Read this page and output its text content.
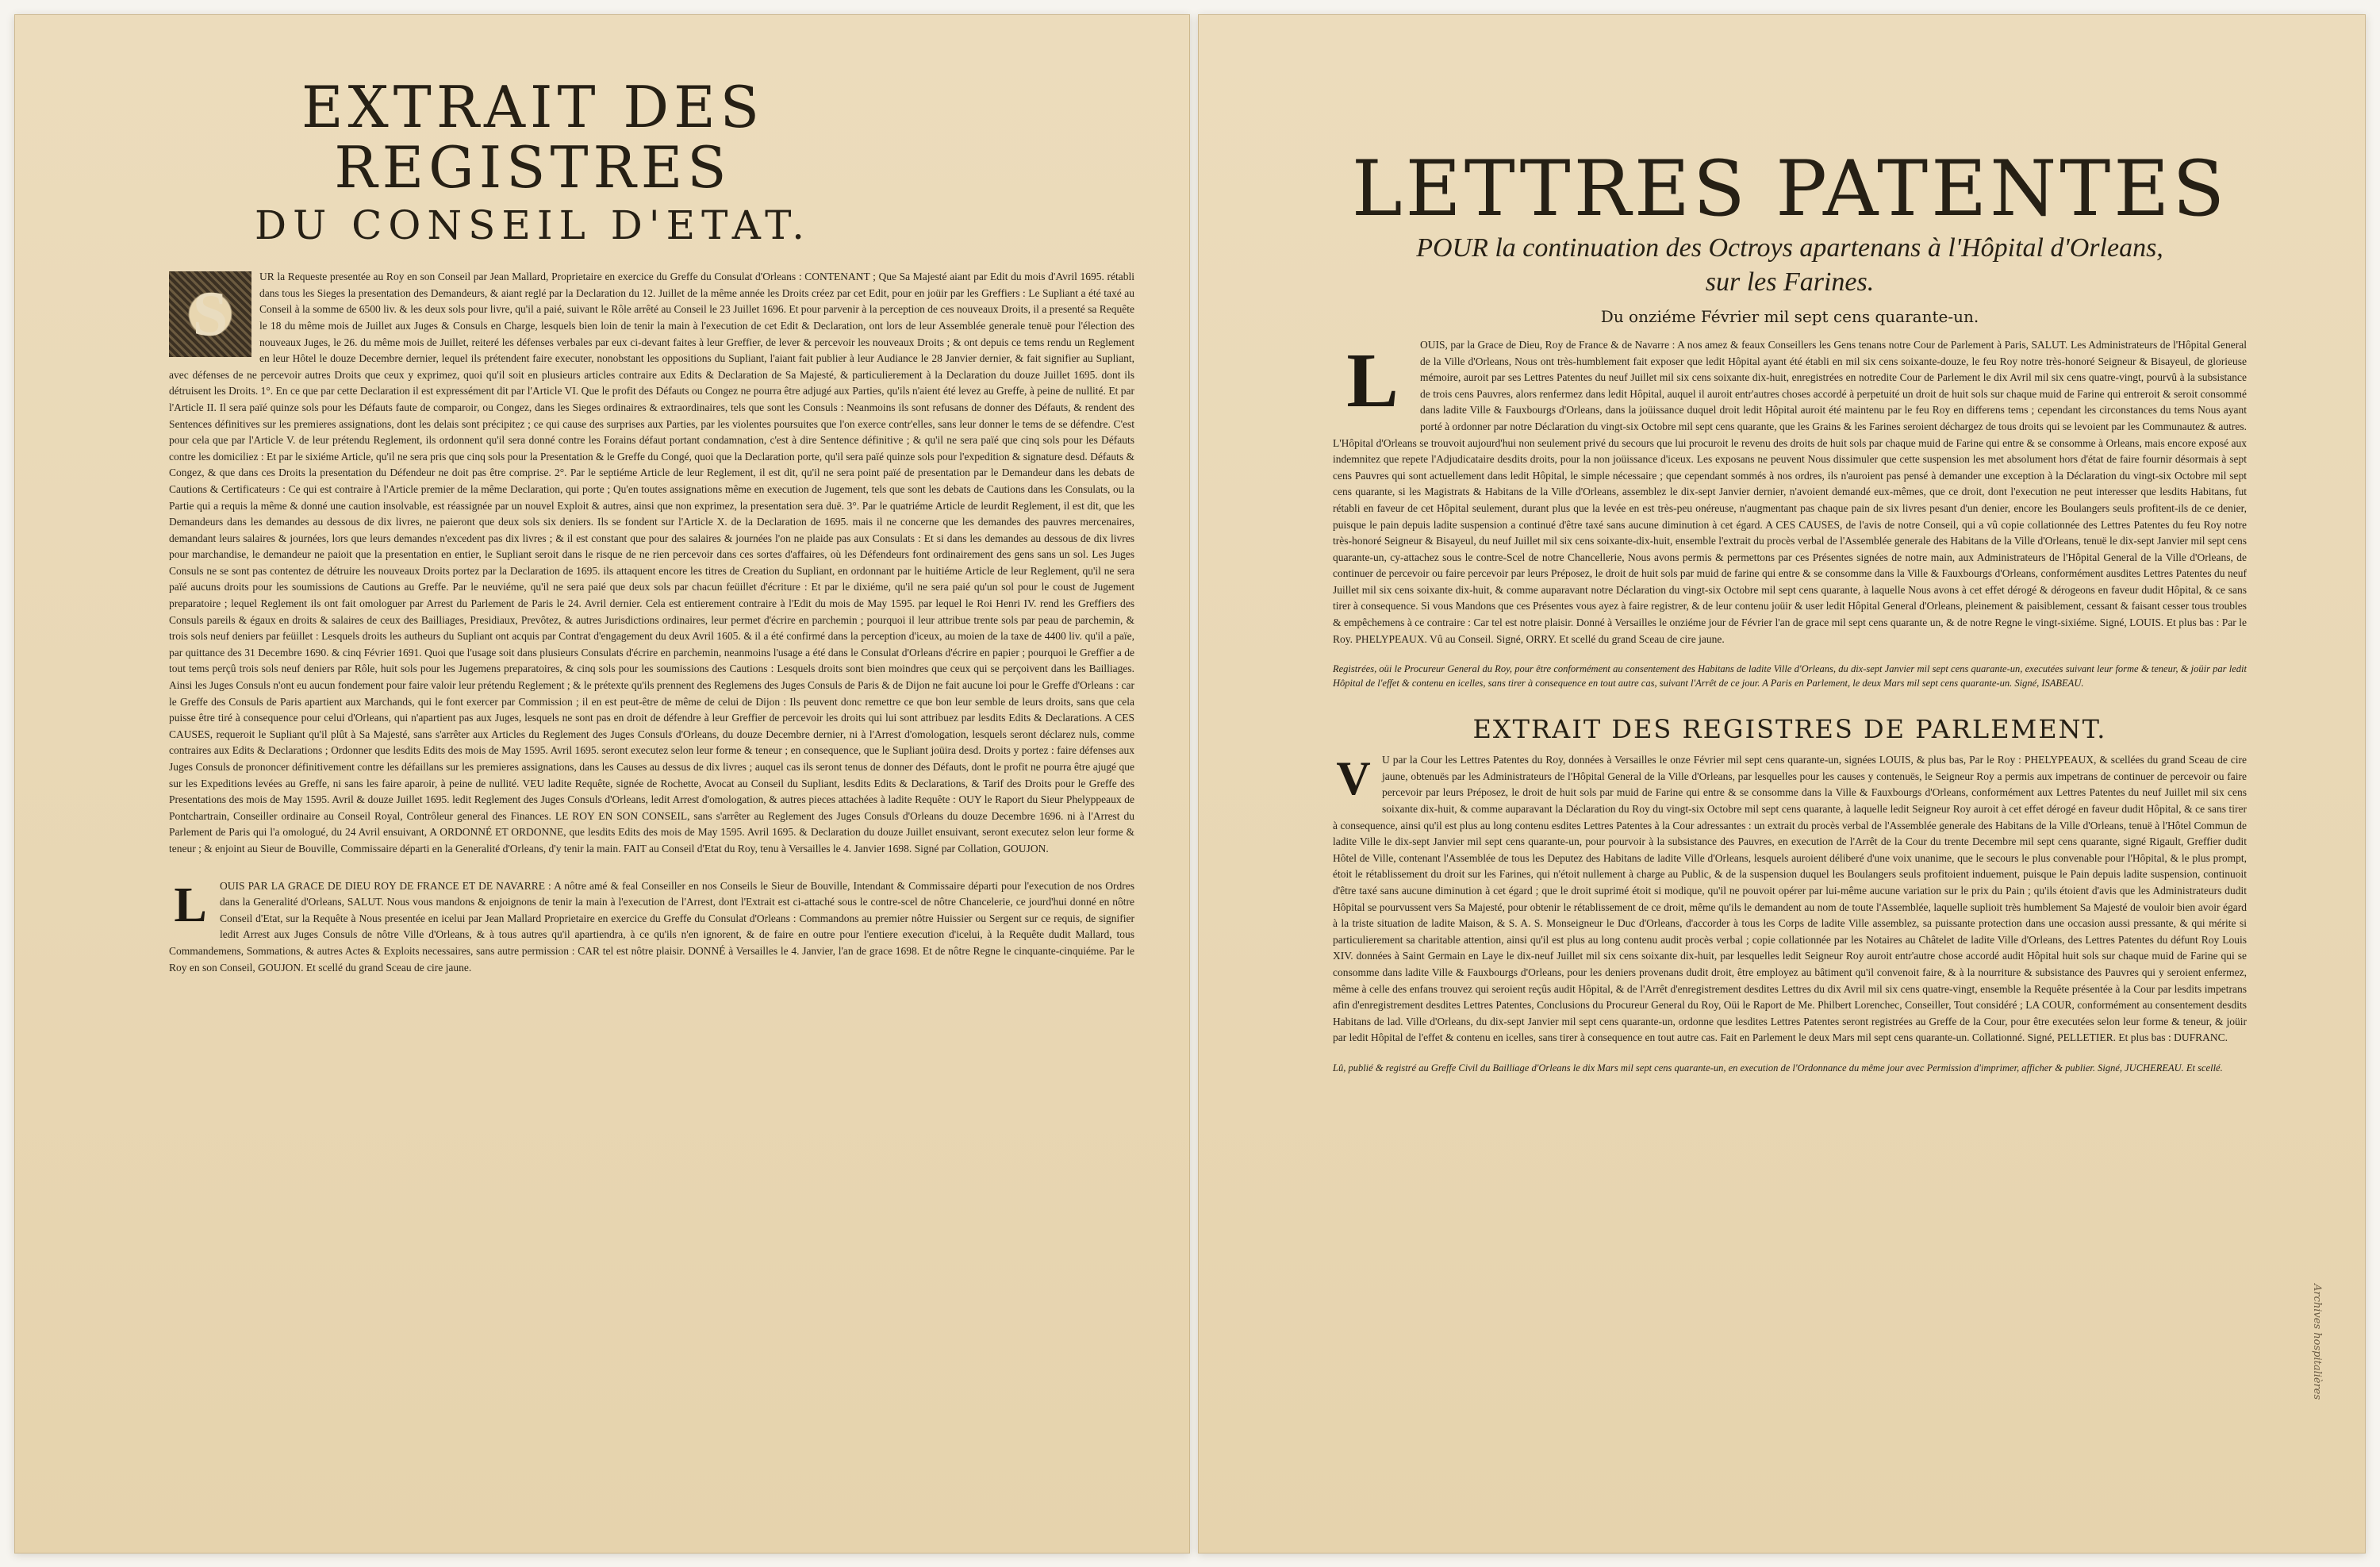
EXTRAIT DES REGISTRES
DU CONSEIL D'ETAT.
S

UR la Requeste presentée au Roy en son Conseil par Jean Mallard, Proprietaire en exercice du Greffe du Consulat d'Orleans : CONTENANT ; Que Sa Majesté aiant par Edit du mois d'Avril 1695. rétabli dans tous les Sieges la presentation des Demandeurs, & aiant reglé par la Declaration du 12. Juillet de la même année les Droits créez par cet Edit, pour en joüir par les Greffiers : Le Supliant a été taxé au Conseil à la somme de 6500 liv. & les deux sols pour livre, qu'il a paié, suivant le Rôle arrêté au Conseil le 23 Juillet 1696. Et pour parvenir à la perception de ces nouveaux Droits, il a presenté sa Requête le 18 du même mois de Juillet aux Juges & Consuls en Charge, lesquels bien loin de tenir la main à l'execution de cet Edit & Declaration, ont lors de leur Assemblée generale tenuë pour l'élection des nouveaux Juges, le 26. du même mois de Juillet, reiteré les défenses verbales par eux ci-devant faites à leur Greffier, de lever & percevoir les nouveaux Droits ; & ont depuis ce tems rendu un Reglement en leur Hôtel le douze Decembre dernier, lequel ils prétendent faire executer, nonobstant les oppositions du Supliant, l'aiant fait publier à leur Audiance le 28 Janvier dernier, & fait signifier au Supliant, avec défenses de ne percevoir autres Droits que ceux y exprimez, quoi qu'il soit en plusieurs articles contraire aux Edits & Declaration de Sa Majesté, & particulierement à la Declaration du douze Juillet 1695. dont ils détruisent les Droits. 1°. En ce que par cette Declaration il est expressément dit par l'Article VI. Que le profit des Défauts ou Congez ne pourra être adjugé aux Parties, qu'ils n'aient été levez au Greffe, à peine de nullité. Et par l'Article II. Il sera païé quinze sols pour les Défauts faute de comparoir, ou Congez, dans les Sieges ordinaires & extraordinaires, tels que sont les Consuls : Neanmoins ils sont refusans de donner des Défauts, & rendent des Sentences définitives sur les premieres assignations, dont les delais sont précipitez ; ce qui cause des surprises aux Parties, par les violentes poursuites que l'on exerce contr'elles, sans leur donner le tems de se défendre. C'est pour cela que par l'Article V. de leur prétendu Reglement, ils ordonnent qu'il sera donné contre les Forains défaut portant condamnation, c'est à dire Sentence définitive ; & qu'il ne sera païé que cinq sols pour les Défauts contre les domiciliez : Et par le sixiéme Article, qu'il ne sera pris que cinq sols pour la Presentation & le Greffe du Congé, quoi que la Declaration porte, qu'il sera païé quinze sols pour l'expedition & signature desd. Défauts & Congez, & que dans ces Droits la presentation du Défendeur ne doit pas être comprise. 2°. Par le septiéme Article de leur Reglement, il est dit, qu'il ne sera point païé de presentation par le Demandeur dans les debats de Cautions & Certificateurs : Ce qui est contraire à l'Article premier de la même Declaration, qui porte ; Qu'en toutes assignations même en execution de Jugement, tels que sont les debats de Cautions dans les Consulats, ou la Partie qui a requis la même & donné une caution insolvable, est réassignée par un nouvel Exploit & autres, ainsi que non exprimez, la presentation sera duë. 3°. Par le quatriéme Article de leurdit Reglement, il est dit, que les Demandeurs dans les demandes au dessous de dix livres, ne paieront que deux sols six deniers. Ils se fondent sur l'Article X. de la Declaration de 1695. mais il ne concerne que les demandes des pauvres mercenaires, demandant leurs salaires & journées, lors que leurs demandes n'excedent pas dix livres ; & il est constant que pour des salaires & journées l'on ne plaide pas aux Consulats : Et si dans les demandes au dessous de dix livres pour marchandise, le demandeur ne paioit que la presentation en entier, le Supliant seroit dans le risque de ne rien percevoir dans ces sortes d'affaires, où les Défendeurs font ordinairement des gens sans un sol. Les Juges Consuls ne se sont pas contentez de détruire les nouveaux Droits portez par la Declaration de 1695. ils attaquent encore les titres de Creation du Supliant, en ordonnant par le huitiéme Article de leur Reglement, qu'il ne sera païé aucuns droits pour les soumissions de Cautions au Greffe. Par le neuviéme, qu'il ne sera paié que deux sols par chacun feüillet d'écriture : Et par le dixiéme, qu'il ne sera paié qu'un sol pour le coust de Jugement preparatoire ; lequel Reglement ils ont fait omologuer par Arrest du Parlement de Paris le 24. Avril dernier. Cela est entierement contraire à l'Edit du mois de May 1595. par lequel le Roi Henri IV. rend les Greffiers des Consuls pareils & égaux en droits & salaires de ceux des Bailliages, Presidiaux, Prevôtez, & autres Jurisdictions ordinaires, leur permet d'écrire en parchemin ; pourquoi il leur attribue trente sols par peau de parchemin, & trois sols neuf deniers par feüillet : Lesquels droits les autheurs du Supliant ont acquis par Contrat d'engagement du deux Avril 1605. & il a été confirmé dans la perception d'iceux, au moien de la taxe de 4400 liv. qu'il a païe, par quittance des 31 Decembre 1690. & cinq Février 1691. Quoi que l'usage soit dans plusieurs Consulats d'écrire en parchemin, neanmoins l'usage a été dans le Consulat d'Orleans d'écrire en papier ; pourquoi le Greffier a de tout tems perçû trois sols neuf deniers par Rôle, huit sols pour les Jugemens preparatoires, & cinq sols pour les soumissions des Cautions : Lesquels droits sont bien moindres que ceux qui se perçoivent dans les Bailliages. Ainsi les Juges Consuls n'ont eu aucun fondement pour faire valoir leur prétendu Reglement ; & le prétexte qu'ils prennent des Reglemens des Juges Consuls de Paris & de Dijon ne fait aucune loi pour le Greffe d'Orleans : car le Greffe des Consuls de Paris apartient aux Marchands, qui le font exercer par Commission ; il en est peut-être de même de celui de Dijon : Ils peuvent donc remettre ce que bon leur semble de leurs droits, sans que cela puisse être tiré à consequence pour celui d'Orleans, qui n'apartient pas aux Juges, lesquels ne sont pas en droit de défendre à leur Greffier de percevoir les droits qui lui sont attribuez par lesdits Edits & Declarations. A CES CAUSES, requeroit le Supliant qu'il plût à Sa Majesté, sans s'arrêter aux Articles du Reglement des Juges Consuls d'Orleans, du douze Decembre dernier, ni à l'Arrest d'omologation, lesquels seront déclarez nuls, comme contraires aux Edits & Declarations ; Ordonner que lesdits Edits des mois de May 1595. Avril 1695. seront executez selon leur forme & teneur ; en consequence, que le Supliant joüira desd. Droits y portez : faire défenses aux Juges Consuls de prononcer définitivement contre les défaillans sur les premieres assignations, dans les Causes au dessus de dix livres ; auquel cas ils seront tenus de donner des Défauts, dont le profit ne pourra être ajugé que sur les Expeditions levées au Greffe, ni sans les faire aparoir, à peine de nullité. VEU ladite Requête, signée de Rochette, Avocat au Conseil du Supliant, lesdits Edits & Declarations, & Tarif des Droits pour le Greffe des Presentations des mois de May 1595. Avril & douze Juillet 1695. ledit Reglement des Juges Consuls d'Orleans, ledit Arrest d'omologation, & autres pieces attachées à ladite Requête : OUY le Raport du Sieur Phelyppeaux de Pontchartrain, Conseiller ordinaire au Conseil Royal, Contrôleur general des Finances. LE ROY EN SON CONSEIL, sans s'arrêter au Reglement des Juges Consuls d'Orleans du douze Decembre 1696. ni à l'Arrest du Parlement de Paris qui l'a omologué, du 24 Avril ensuivant, A ORDONNÉ ET ORDONNE, que lesdits Edits des mois de May 1595. Avril 1695. & Declaration du douze Juillet ensuivant, seront executez selon leur forme & teneur ; & enjoint au Sieur de Bouville, Commissaire départi en la Generalité d'Orleans, d'y tenir la main. FAIT au Conseil d'Etat du Roy, tenu à Versailles le 4. Janvier 1698. Signé par Collation, GOUJON.

L	OUIS PAR LA GRACE DE DIEU ROY DE FRANCE ET DE NAVARRE : A nôtre amé & feal Conseiller en nos Conseils le Sieur de Bouville, Intendant & Commissaire départi pour l'execution de nos Ordres dans la Generalité d'Orleans, SALUT. Nous vous mandons & enjoignons de tenir la main à l'execution de l'Arrest, dont l'Extrait est ci-attaché sous le contre-scel de nôtre Chancelerie, ce jourd'hui donné en nôtre Conseil d'Etat, sur la Requête à Nous presentée en icelui par Jean Mallard Proprietaire en exercice du Greffe du Consulat d'Orleans : Commandons au premier nôtre Huissier ou Sergent sur ce requis, de signifier ledit Arrest aux Juges Consuls de nôtre Ville d'Orleans, & à tous autres qu'il apartiendra, à ce qu'ils n'en ignorent, & de faire en outre pour l'entiere execution d'icelui, à la Requête dudit Mallard, tous Commandemens, Sommations, & autres Actes & Exploits necessaires, sans autre permission : CAR tel est nôtre plaisir. DONNÉ à Versailles le 4. Janvier, l'an de grace 1698. Et de nôtre Regne le cinquante-cinquiéme. Par le Roy en son Conseil, GOUJON. Et scellé du grand Sceau de cire jaune.

LETTRES PATENTES

POUR la continuation des Octroys apartenans à l'Hôpital d'Orleans,

sur les Farines.

Du onziéme Février mil sept cens quarante-un.

L	OUIS, par la Grace de Dieu, Roy de France & de Navarre : A nos amez & feaux Conseillers les Gens tenans notre Cour de Parlement à Paris, SALUT. Les Administrateurs de l'Hôpital General de la Ville d'Orleans, Nous ont très-humblement fait exposer que ledit Hôpital ayant été établi en mil six cens soixante-douze, le feu Roy notre très-honoré Seigneur & Bisayeul, de glorieuse mémoire, auroit par ses Lettres Patentes du neuf Juillet mil six cens soixante dix-huit, enregistrées en notredite Cour de Parlement le dix Avril mil six cens quatre-vingt, pourvû à la subsistance de trois cens Pauvres, alors renfermez dans ledit Hôpital, auquel il auroit entr'autres choses accordé à perpetuité un droit de huit sols sur chaque muid de Farine qui entreroit & seroit consommé dans ladite Ville & Fauxbourgs d'Orleans, dans la joüissance duquel droit ledit Hôpital auroit été maintenu par le feu Roy en differens tems ; cependant les circonstances du tems Nous ayant porté à ordonner par notre Déclaration du vingt-six Octobre mil sept cens quarante, que les Grains & les Farines seroient déchargez de tous droits qui se levoient par les Communautez & autres. L'Hôpital d'Orleans se trouvoit aujourd'hui non seulement privé du secours que lui procuroit le revenu des droits de huit sols par chaque muid de Farine qui entre & se consomme à Orleans, mais encore exposé aux indemnitez que repete l'Adjudicataire desdits droits, pour la non joüissance d'iceux. Les exposans ne peuvent Nous dissimuler que cette suspension les met absolument hors d'état de faire fournir désormais à sept cens Pauvres qui sont actuellement dans ledit Hôpital, le simple nécessaire ; que cependant sommés à nos ordres, ils n'auroient pas pensé à demander une exception à la Déclaration du vingt-six Octobre mil sept cens quarante, si les Magistrats & Habitans de la Ville d'Orleans, assemblez le dix-sept Janvier dernier, n'avoient demandé eux-mêmes, que ce droit, dont l'execution ne peut interesser que lesdits Habitans, fut rétabli en faveur de cet Hôpital seulement, durant plus que la levée en est très-peu onéreuse, n'augmentant pas chaque pain de six livres pesant d'un denier, encore les Boulangers seuls profitent-ils de ce denier, puisque le pain depuis ladite suspension a continué d'être taxé sans aucune diminution à cet égard. A CES CAUSES, de l'avis de notre Conseil, qui a vû copie collationnée des Lettres Patentes du feu Roy notre très-honoré Seigneur & Bisayeul, du neuf Juillet mil six cens soixante-dix-huit, ensemble l'extrait du procès verbal de l'Assemblée generale des Habitans de la Ville d'Orleans, tenuë le dix-sept Janvier mil sept cens quarante-un, cy-attachez sous le contre-Scel de notre Chancellerie, Nous avons permis & permettons par ces Présentes signées de notre main, aux Administrateurs de l'Hôpital General de la Ville d'Orleans, de continuer de percevoir ou faire percevoir par leurs Préposez, le droit de huit sols par muid de farine qui entre & se consomme dans la Ville & Fauxbourgs d'Orleans, conformément ausdites Lettres Patentes du neuf Juillet mil six cens soixante dix-huit, & comme auparavant notre Déclaration du vingt-six Octobre mil sept cens quarante, à laquelle Nous avons à cet effet dérogé & dérogeons en faveur dudit Hôpital, & ce sans tirer à consequence. Si vous Mandons que ces Présentes vous ayez à faire registrer, & de leur contenu joüir & user ledit Hôpital General d'Orleans, pleinement & paisiblement, cessant & faisant cesser tous troubles & empêchemens à ce contraire : Car tel est notre plaisir. Donné à Versailles le onziéme jour de Février l'an de grace mil sept cens quarante un, & de notre Regne le vingt-sixiéme. Signé, LOUIS. Et plus bas : Par le Roy. PHELYPEAUX. Vû au Conseil. Signé, ORRY. Et scellé du grand Sceau de cire jaune.

Registrées, oüi le Procureur General du Roy, pour être conformément au consentement des Habitans de ladite Ville d'Orleans, du dix-sept Janvier mil sept cens quarante-un, executées suivant leur forme & teneur, & joüir par ledit Hôpital de l'effet & contenu en icelles, sans tirer à consequence en tout autre cas, suivant l'Arrêt de ce jour. A Paris en Parlement, le deux Mars mil sept cens quarante-un. Signé, ISABEAU.

EXTRAIT DES REGISTRES DE PARLEMENT.
V	U par la Cour les Lettres Patentes du Roy, données à Versailles le onze Février mil sept cens quarante-un, signées LOUIS, & plus bas, Par le Roy : PHELYPEAUX, & scellées du grand Sceau de cire jaune, obtenuës par les Administrateurs de l'Hôpital General de la Ville d'Orleans, par lesquelles pour les causes y contenuës, le Seigneur Roy a permis aux impetrans de continuer de percevoir ou faire percevoir par leurs Préposez, le droit de huit sols par muid de Farine qui entre & se consomme dans la Ville & Fauxbourgs d'Orleans, conformément aux Lettres Patentes du neuf Juillet mil six cens soixante dix-huit, & comme auparavant la Déclaration du Roy du vingt-six Octobre mil sept cens quarante, à laquelle ledit Seigneur Roy auroit à cet effet dérogé en faveur dudit Hôpital, & ce sans tirer à consequence, ainsi qu'il est plus au long contenu esdites Lettres Patentes à la Cour adressantes : un extrait du procès verbal de l'Assemblée generale des Habitans de la Ville d'Orleans, tenuë à l'Hôtel Commun de ladite Ville le dix-sept Janvier mil sept cens quarante-un, pour pourvoir à la subsistance des Pauvres, en execution de l'Arrêt de la Cour du trente Decembre mil sept cens quarante, signé Rigault, Greffier dudit Hôtel de Ville, contenant l'Assemblée de tous les Deputez des Habitans de ladite Ville d'Orleans, lesquels auroient déliberé d'une voix unanime, que le secours le plus convenable pour l'Hôpital, & le plus prompt, étoit le rétablissement du droit sur les Farines, qui n'étoit nullement à charge au Public, & de la suspension duquel les Boulangers seuls profitoient induement, puisque le Pain depuis ladite suspension, continuoit d'être taxé sans aucune diminution à cet égard ; que le droit suprimé étoit si modique, qu'il ne pouvoit opérer par lui-même aucune variation sur le prix du Pain ; qu'ils étoient d'avis que les Administrateurs dudit Hôpital se pourvussent vers Sa Majesté, pour obtenir le rétablissement de ce droit, même qu'ils le demandent au nom de toute l'Assemblée, laquelle suplioit très humblement Sa Majesté de vouloir bien avoir égard à la triste situation de ladite Maison, & S. A. S. Monseigneur le Duc d'Orleans, d'accorder à tous les Corps de ladite Ville assemblez, sa puissante protection dans une occasion aussi pressante, & qui mérite si particulierement sa charitable attention, ainsi qu'il est plus au long contenu audit procès verbal ; copie collationnée par les Notaires au Châtelet de ladite Ville d'Orleans, des Lettres Patentes du défunt Roy Louis XIV. données à Saint Germain en Laye le dix-neuf Juillet mil six cens soixante dix-huit, par lesquelles ledit Seigneur Roy auroit entr'autre chose accordé audit Hôpital huit sols sur chaque muid de Farine qui se consomme dans ladite Ville & Fauxbourgs d'Orleans, pour les deniers provenans dudit droit, être employez au bâtiment qu'il convenoit faire, & à la nourriture & subsistance des Pauvres qui y seroient enfermez, même à celle des enfans trouvez qui seroient reçûs audit Hôpital, & de l'Arrêt d'enregistrement desdites Lettres du dix Avril mil six cens quatre-vingt, ensemble la Requête présentée à la Cour par lesdits impetrans afin d'enregistrement desdites Lettres Patentes, Conclusions du Procureur General du Roy, Oüi le Raport de Me. Philbert Lorenchec, Conseiller, Tout considéré ; LA COUR, conformément au consentement desdits Habitans de lad. Ville d'Orleans, du dix-sept Janvier mil sept cens quarante-un, ordonne que lesdites Lettres Patentes seront registrées au Greffe de la Cour, pour être executées selon leur forme & teneur, & joüir par ledit Hôpital de l'effet & contenu en icelles, sans tirer à consequence en tout autre cas. Fait en Parlement le deux Mars mil sept cens quarante-un. Collationné. Signé, PELLETIER. Et plus bas : DUFRANC.

Lû, publié & registré au Greffe Civil du Bailliage d'Orleans le dix Mars mil sept cens quarante-un, en execution de l'Ordonnance du même jour avec Permission d'imprimer, afficher & publier. Signé, JUCHEREAU. Et scellé.

Archives hospitalières
